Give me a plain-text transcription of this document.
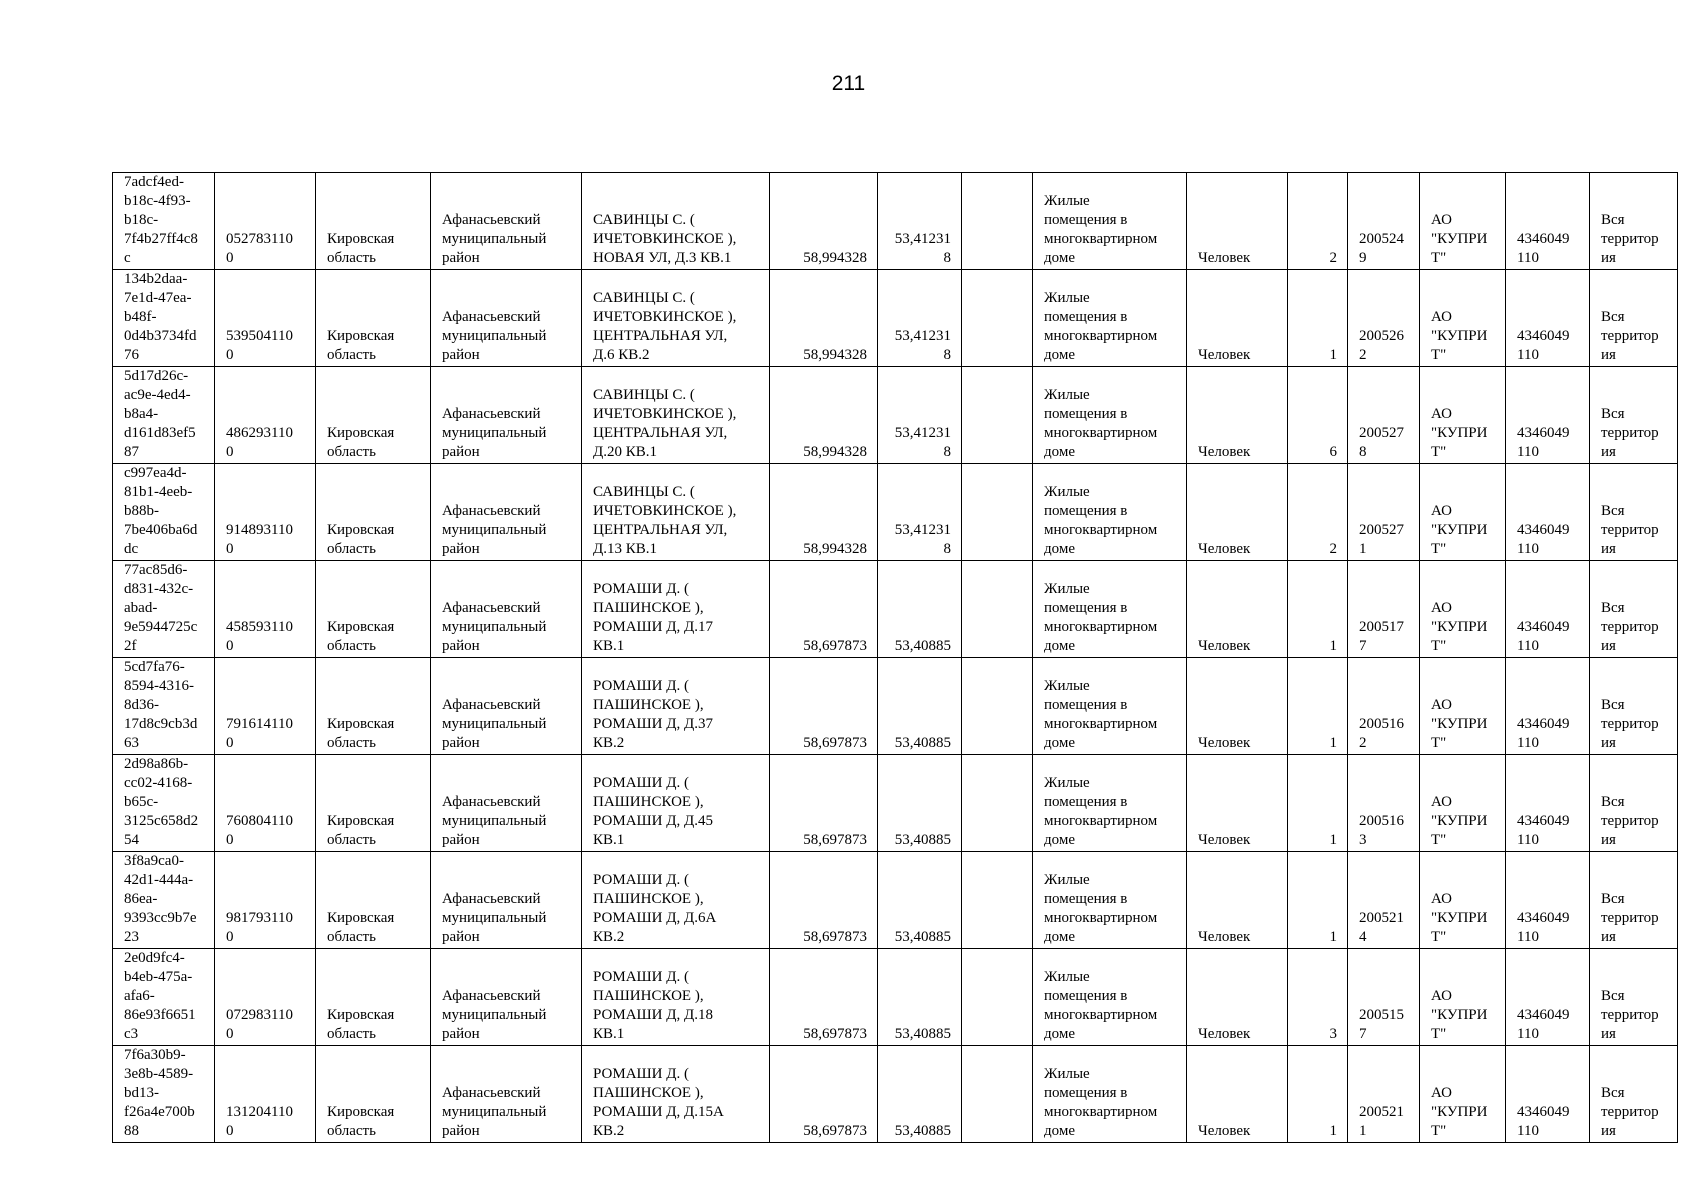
211
7adcf4ed-
b18c-4f93-
b18c-
7f4b27ff4c8
c	052783110
0	Кировская
область	Афанасьевский
муниципальный
район	САВИНЦЫ С. (
ИЧЕТОВКИНСКОЕ ),
НОВАЯ УЛ, Д.3 КВ.1	58,994328	53,41231
8		Жилые
помещения в
многоквартирном
доме	Человек	2	200524
9	АО
"КУПРИ
Т"	4346049
110	Вся
территор
ия
134b2daa-
7e1d-47ea-
b48f-
0d4b3734fd
76	539504110
0	Кировская
область	Афанасьевский
муниципальный
район	САВИНЦЫ С. (
ИЧЕТОВКИНСКОЕ ),
ЦЕНТРАЛЬНАЯ УЛ,
Д.6 КВ.2	58,994328	53,41231
8		Жилые
помещения в
многоквартирном
доме	Человек	1	200526
2	АО
"КУПРИ
Т"	4346049
110	Вся
территор
ия
5d17d26c-
ac9e-4ed4-
b8a4-
d161d83ef5
87	486293110
0	Кировская
область	Афанасьевский
муниципальный
район	САВИНЦЫ С. (
ИЧЕТОВКИНСКОЕ ),
ЦЕНТРАЛЬНАЯ УЛ,
Д.20 КВ.1	58,994328	53,41231
8		Жилые
помещения в
многоквартирном
доме	Человек	6	200527
8	АО
"КУПРИ
Т"	4346049
110	Вся
территор
ия
c997ea4d-
81b1-4eeb-
b88b-
7be406ba6d
dc	914893110
0	Кировская
область	Афанасьевский
муниципальный
район	САВИНЦЫ С. (
ИЧЕТОВКИНСКОЕ ),
ЦЕНТРАЛЬНАЯ УЛ,
Д.13 КВ.1	58,994328	53,41231
8		Жилые
помещения в
многоквартирном
доме	Человек	2	200527
1	АО
"КУПРИ
Т"	4346049
110	Вся
территор
ия
77ac85d6-
d831-432c-
abad-
9e5944725c
2f	458593110
0	Кировская
область	Афанасьевский
муниципальный
район	РОМАШИ Д. (
ПАШИНСКОЕ ),
РОМАШИ Д, Д.17
КВ.1	58,697873	53,40885		Жилые
помещения в
многоквартирном
доме	Человек	1	200517
7	АО
"КУПРИ
Т"	4346049
110	Вся
территор
ия
5cd7fa76-
8594-4316-
8d36-
17d8c9cb3d
63	791614110
0	Кировская
область	Афанасьевский
муниципальный
район	РОМАШИ Д. (
ПАШИНСКОЕ ),
РОМАШИ Д, Д.37
КВ.2	58,697873	53,40885		Жилые
помещения в
многоквартирном
доме	Человек	1	200516
2	АО
"КУПРИ
Т"	4346049
110	Вся
территор
ия
2d98a86b-
cc02-4168-
b65c-
3125c658d2
54	760804110
0	Кировская
область	Афанасьевский
муниципальный
район	РОМАШИ Д. (
ПАШИНСКОЕ ),
РОМАШИ Д, Д.45
КВ.1	58,697873	53,40885		Жилые
помещения в
многоквартирном
доме	Человек	1	200516
3	АО
"КУПРИ
Т"	4346049
110	Вся
территор
ия
3f8a9ca0-
42d1-444a-
86ea-
9393cc9b7e
23	981793110
0	Кировская
область	Афанасьевский
муниципальный
район	РОМАШИ Д. (
ПАШИНСКОЕ ),
РОМАШИ Д, Д.6А
КВ.2	58,697873	53,40885		Жилые
помещения в
многоквартирном
доме	Человек	1	200521
4	АО
"КУПРИ
Т"	4346049
110	Вся
территор
ия
2e0d9fc4-
b4eb-475a-
afa6-
86e93f6651
c3	072983110
0	Кировская
область	Афанасьевский
муниципальный
район	РОМАШИ Д. (
ПАШИНСКОЕ ),
РОМАШИ Д, Д.18
КВ.1	58,697873	53,40885		Жилые
помещения в
многоквартирном
доме	Человек	3	200515
7	АО
"КУПРИ
Т"	4346049
110	Вся
территор
ия
7f6a30b9-
3e8b-4589-
bd13-
f26a4e700b
88	131204110
0	Кировская
область	Афанасьевский
муниципальный
район	РОМАШИ Д. (
ПАШИНСКОЕ ),
РОМАШИ Д, Д.15А
КВ.2	58,697873	53,40885		Жилые
помещения в
многоквартирном
доме	Человек	1	200521
1	АО
"КУПРИ
Т"	4346049
110	Вся
территор
ия
